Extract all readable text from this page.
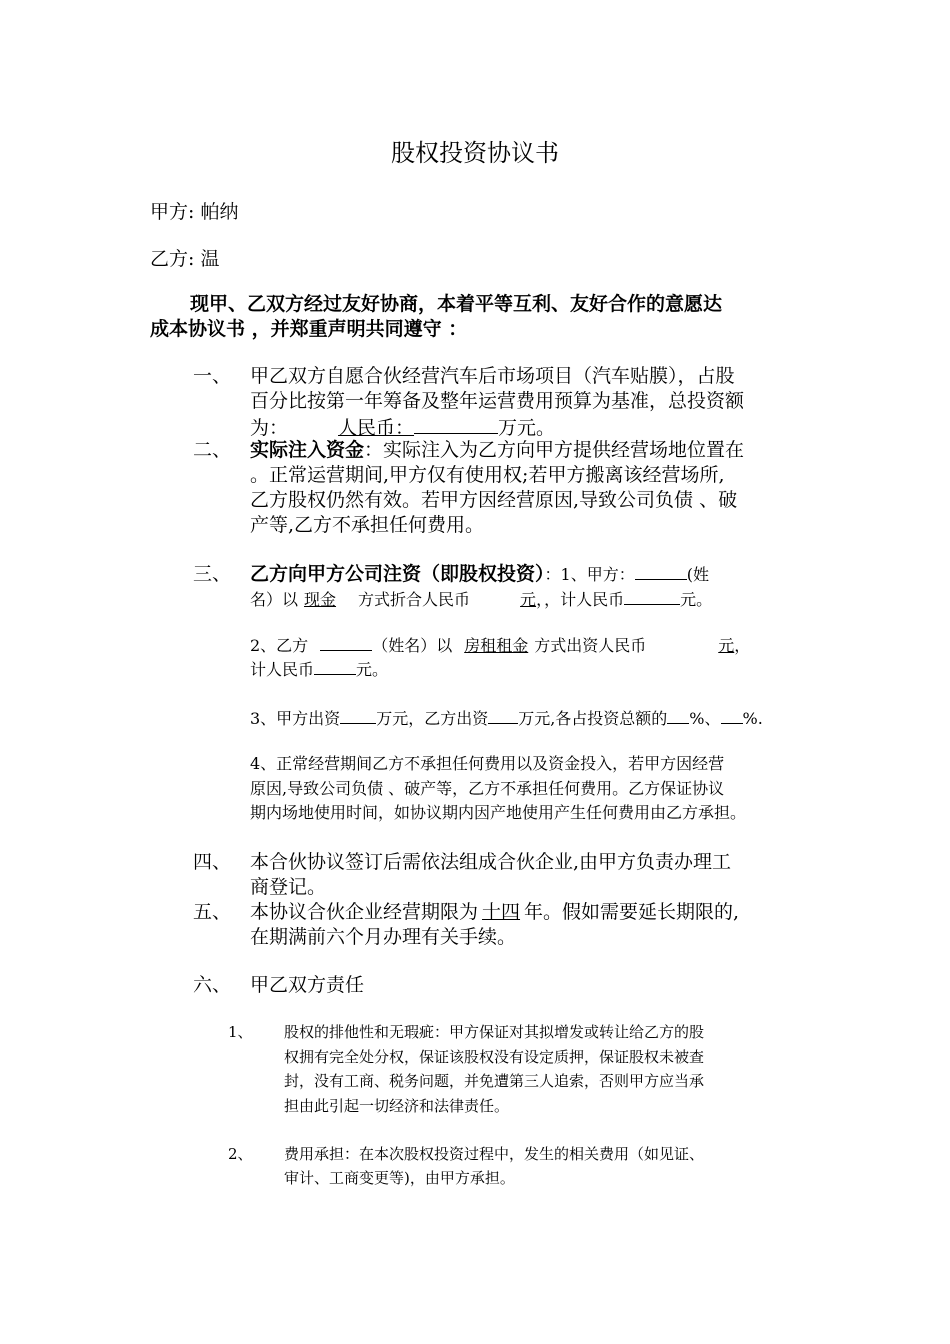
股权投资协议书
甲方: 帕纳
乙方: 温
现甲、乙双方经过友好协商，本着平等互利、友好合作的意愿达
成本协议书 ，并郑重声明共同遵守 ：
一、 甲乙双方自愿合伙经营汽车后市场项目（汽车贴膜），占股
百分比按第一年筹备及整年运营费用预算为基准，总投资额
为：	人民币：	万元。
二、 实际注入资金：实际注入为乙方向甲方提供经营场地位置在
。正常运营期间,甲方仅有使用权;若甲方搬离该经营场所,
乙方股权仍然有效。若甲方因经营原因,导致公司负债 、破
产等,乙方不承担任何费用。
三、 乙方向甲方公司注资（即股权投资）：1、甲方：	(姓
名）以 现金 方式折合人民币	元，，计人民币	元。
2、乙方	（姓名）以 房租租金 方式出资人民币	元，
计人民币	元。
3、甲方出资 万元，乙方出资 万元,各占投资总额的 %、 %.
4、正常经营期间乙方不承担任何费用以及资金投入，若甲方因经营
原因,导致公司负债 、破产等，乙方不承担任何费用。乙方保证协议
期内场地使用时间，如协议期内因产地使用产生任何费用由乙方承担。
四、 本合伙协议签订后需依法组成合伙企业,由甲方负责办理工
商登记。
五、 本协议合伙企业经营期限为 十四 年。假如需要延长期限的,
在期满前六个月办理有关手续。
六、 甲乙双方责任
1、 股权的排他性和无瑕疵：甲方保证对其拟增发或转让给乙方的股
权拥有完全处分权，保证该股权没有设定质押，保证股权未被查
封，没有工商、税务问题，并免遭第三人追索，否则甲方应当承
担由此引起一切经济和法律责任。
2、 费用承担：在本次股权投资过程中，发生的相关费用（如见证、
审计、工商变更等)，由甲方承担。
